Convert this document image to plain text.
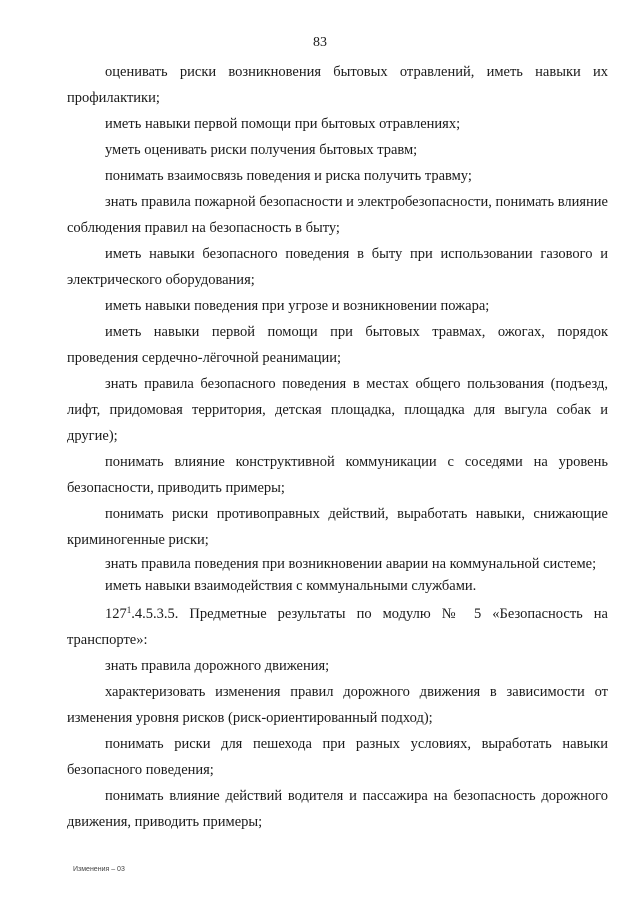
83

оценивать риски возникновения бытовых отравлений, иметь навыки их профилактики;

иметь навыки первой помощи при бытовых отравлениях;

уметь оценивать риски получения бытовых травм;

понимать взаимосвязь поведения и риска получить травму;

знать правила пожарной безопасности и электробезопасности, понимать влияние соблюдения правил на безопасность в быту;

иметь навыки безопасного поведения в быту при использовании газового и электрического оборудования;

иметь навыки поведения при угрозе и возникновении пожара;

иметь навыки первой помощи при бытовых травмах, ожогах, порядок проведения сердечно-лёгочной реанимации;

знать правила безопасного поведения в местах общего пользования (подъезд, лифт, придомовая территория, детская площадка, площадка для выгула собак и другие);

понимать влияние конструктивной коммуникации с соседями на уровень безопасности, приводить примеры;

понимать риски противоправных действий, выработать навыки, снижающие криминогенные риски;

знать правила поведения при возникновении аварии на коммунальной системе;

иметь навыки взаимодействия с коммунальными службами.

$127^1.4.5.3.5$. Предметные результаты по модулю № 5 «Безопасность на транспорте»:

знать правила дорожного движения;

характеризовать изменения правил дорожного движения в зависимости от изменения уровня рисков (риск-ориентированный подход);

понимать риски для пешехода при разных условиях, выработать навыки безопасного поведения;

понимать влияние действий водителя и пассажира на безопасность дорожного движения, приводить примеры;

Изменения – 03
